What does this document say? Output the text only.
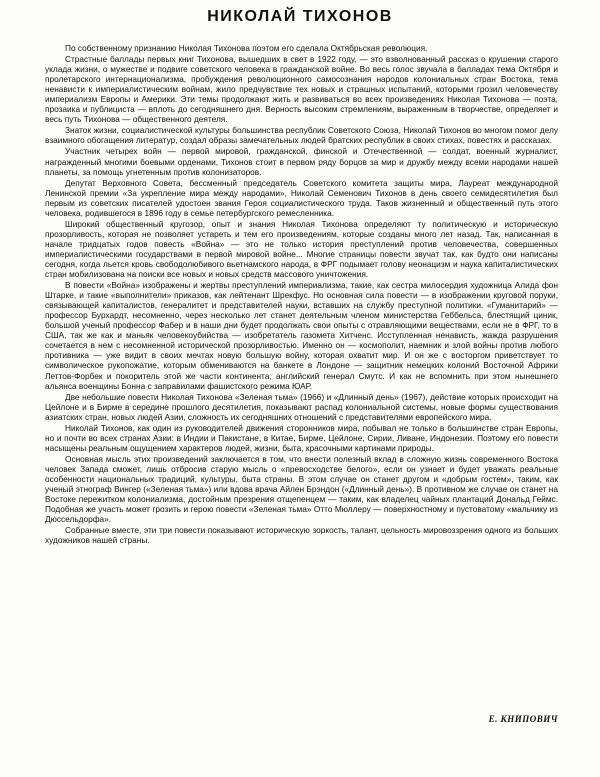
НИКОЛАЙ ТИХОНОВ

По собственному признанию Николая Тихонова поэтом его сделала Октябрьская революция.

Страстные баллады первых книг Тихонова, вышедших в свет в 1922 году, — это взволнованный рассказ о крушении старого уклада жизни, о мужестве и подвиге советского человека в гражданской войне. Во весь голос звучала в балладах тема Октября и пролетарского интернационализма, пробуждения революционного самосознания народов колониальных стран Востока, тема ненависти к империалистическим войнам, жило предчувствие тех новых и страшных испытаний, которыми грозил человечеству империализм Европы и Америки. Эти темы продолжают жить и развиваться во всех произведениях Николая Тихонова — поэта, прозаика и публициста — вплоть до сегодняшнего дня. Верность высоким стремлениям, выраженным в творчестве, определяет и весь путь Тихонова — общественного деятеля.

Знаток жизни, социалистической культуры большинства республик Советского Союза, Николай Тихонов во многом помог делу взаимного обогащения литератур, создал образы замечательных людей братских республик в своих стихах, повестях и рассказах.

Участник четырех войн — первой мировой, гражданской, финской и Отечественной — солдат, военный журналист, награжденный многими боевыми орденами, Тихонов стоит в первом ряду борцов за мир и дружбу между всеми народами нашей планеты, за помощь угнетенным против колонизаторов.

Депутат Верховного Совета, бессменный председатель Советского комитета защиты мира, Лауреат международной Ленинской премии «За укрепление мира между народами», Николай Семенович Тихонов в день своего семидесятилетия был первым из советских писателей удостоен звания Героя социалистического труда. Таков жизненный и общественный путь этого человека, родившегося в 1896 году в семье петербургского ремесленника.

Широкий общественный кругозор, опыт и знания Николая Тихонова определяют ту политическую и историческую прозорливость, которая не позволяет устареть и тем его произведениям, которые созданы много лет назад. Так, написанная в начале тридцатых годов повесть «Война» — это не только история преступлений против человечества, совершенных империалистическими государствами в первой мировой войне... Многие страницы повести звучат так, как будто они написаны сегодня, когда льется кровь свободолюбивого вьетнамского народа, в ФРГ подымает голову неонацизм и наука капиталистических стран мобилизована на поиски все новых и новых средств массового уничтожения.

В повести «Война» изображены и жертвы преступлений империализма, такие, как сестра милосердия художница Алида фон Штарке, и такие «выполнители» приказов, как лейтенант Шрекфус. Но основная сила повести — в изображении круговой поруки, связывающей капиталистов, генералитет и представителей науки, вставших на службу преступной политики. «Гуманитарий» — профессор Бурхардт, несомненно, через несколько лет станет деятельным членом министерства Геббельса, блестящий циник, большой ученый профессор Фабер и в наши дни будет продолжать свои опыты с отравляющими веществами, если не в ФРГ, то в США, так же как и маньяк человекоубийства — изобретатель газомета Хитченс. Исступленная ненависть, жажда разрушения сочетается в нем с несомненной исторической прозорливостью. Именно он — космополит, наемник и злой войны против любого противника — уже видит в своих мечтах новую большую войну, которая охватит мир. И он же с восторгом приветствует то символическое рукопожатие, которым обмениваются на банкете в Лондоне — защитник немецких колоний Восточной Африки Леттов-Форбек и покоритель этой же части континента, английский генерал Смутс. И как не вспомнить при этом нынешнего альянса военщины Бонна с заправилами фашистского режима ЮАР.

Две небольшие повести Николая Тихонова «Зеленая тьма» (1966) и «Длинный день» (1967), действие которых происходит на Цейлоне и в Бирме в середине прошлого десятилетия, показывают распад колониальной системы, новые формы существования азиатских стран, новых людей Азии, сложность их сегодняшних отношений с представителями европейского мира.

Николай Тихонов, как один из руководителей движения сторонников мира, побывал не только в большинстве стран Европы, но и почти во всех странах Азии: в Индии и Пакистане, в Китае, Бирме, Цейлоне, Сирии, Ливане, Индонезии. Поэтому его повести насыщены реальным ощущением характеров людей, жизни, быта, красочными картинами природы.

Основная мысль этих произведений заключается в том, что внести полезный вклад в сложную жизнь современного Востока человек Запада сможет, лишь отбросив старую мысль о «превосходстве белого», если он узнает и будет уважать реальные особенности национальных традиций, культуры, быта страны. В этом случае он станет другом и «добрым гостем», таким, как ученый этнограф Вингер («Зеленая тьма») или вдова врача Айлен Брэндон («Длинный день»). В противном же случае он станет на Востоке пережитком колониализма, достойным презрения отщепенцем — таким, как владелец чайных плантаций Дональд Геймс. Подобная же участь может грозить и герою повести «Зеленая тьма» Отто Мюллеру — поверхностному и пустоватому «мальчику из Дюссельдорфа».

Собранные вместе, эти три повести показывают историческую зоркость, талант, цельность мировоззрения одного из больших художников нашей страны.

Е. КНИПОВИЧ
